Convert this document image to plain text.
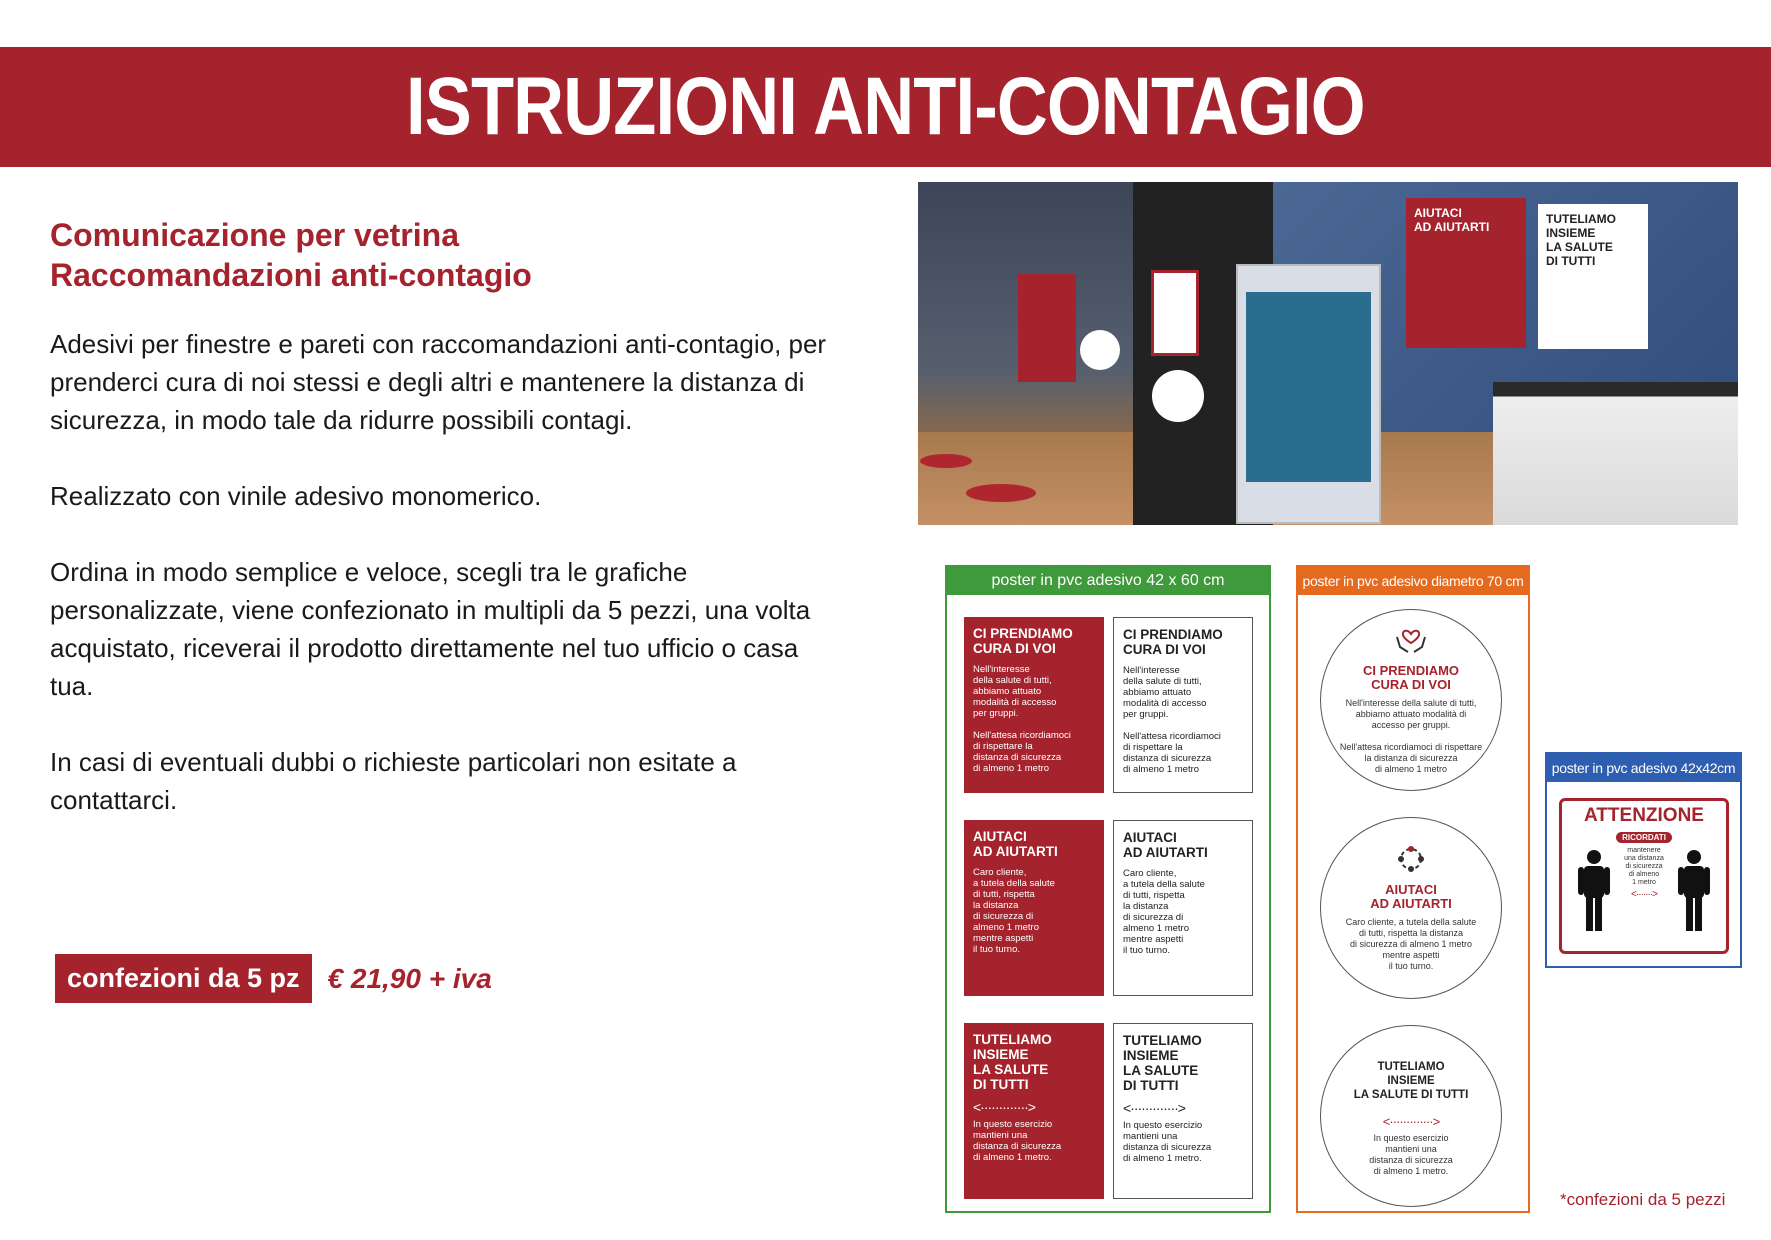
ISTRUZIONI ANTI-CONTAGIO
Comunicazione per vetrina
Raccomandazioni anti-contagio

Adesivi per finestre e pareti con raccomandazioni anti-contagio, per prenderci cura di noi stessi e degli altri e mantenere la distanza di sicurezza, in modo tale da ridurre possibili contagi.

Realizzato con vinile adesivo monomerico.

Ordina in modo semplice e veloce, scegli tra le grafiche personalizzate, viene confezionato in multipli da 5 pezzi, una volta acquistato, riceverai il prodotto direttamente nel tuo ufficio o casa tua.

In casi di eventuali dubbi o richieste particolari non esitate a contattarci.

confezioni da 5 pz	€ 21,90 + iva
AIUTACI
AD AIUTARTI
TUTELIAMO
INSIEME
LA SALUTE
DI TUTTI
poster in pvc adesivo 42 x 60 cm
CI PRENDIAMO
CURA DI VOI
Nell'interesse
della salute di tutti,
abbiamo attuato
modalità di accesso
per gruppi.

Nell'attesa ricordiamoci
di rispettare la
distanza di sicurezza
di almeno 1 metro
CI PRENDIAMO
CURA DI VOI
Nell'interesse
della salute di tutti,
abbiamo attuato
modalità di accesso
per gruppi.

Nell'attesa ricordiamoci
di rispettare la
distanza di sicurezza
di almeno 1 metro
AIUTACI
AD AIUTARTI
Caro cliente,
a tutela della salute
di tutti, rispetta
la distanza
di sicurezza di
almeno 1 metro
mentre aspetti
il tuo turno.
AIUTACI
AD AIUTARTI
Caro cliente,
a tutela della salute
di tutti, rispetta
la distanza
di sicurezza di
almeno 1 metro
mentre aspetti
il tuo turno.
TUTELIAMO
INSIEME
LA SALUTE
DI TUTTI
<·············>
In questo esercizio
mantieni una
distanza di sicurezza
di almeno 1 metro.
TUTELIAMO
INSIEME
LA SALUTE
DI TUTTI
<·············>
In questo esercizio
mantieni una
distanza di sicurezza
di almeno 1 metro.
poster in pvc adesivo diametro 70 cm
CI PRENDIAMO
CURA DI VOI
Nell'interesse della salute di tutti,
abbiamo attuato modalità di
accesso per gruppi.

Nell'attesa ricordiamoci di rispettare
la distanza di sicurezza
di almeno 1 metro
AIUTACI
AD AIUTARTI
Caro cliente, a tutela della salute
di tutti, rispetta la distanza
di sicurezza di almeno 1 metro
mentre aspetti
il tuo turno.
TUTELIAMO
INSIEME
LA SALUTE DI TUTTI
<·············>
In questo esercizio
mantieni una
distanza di sicurezza
di almeno 1 metro.
poster in pvc adesivo 42x42cm
ATTENZIONE
RICORDATI
mantenere
una distanza
di sicurezza
di almeno
1 metro
<·······>
*confezioni da 5 pezzi
